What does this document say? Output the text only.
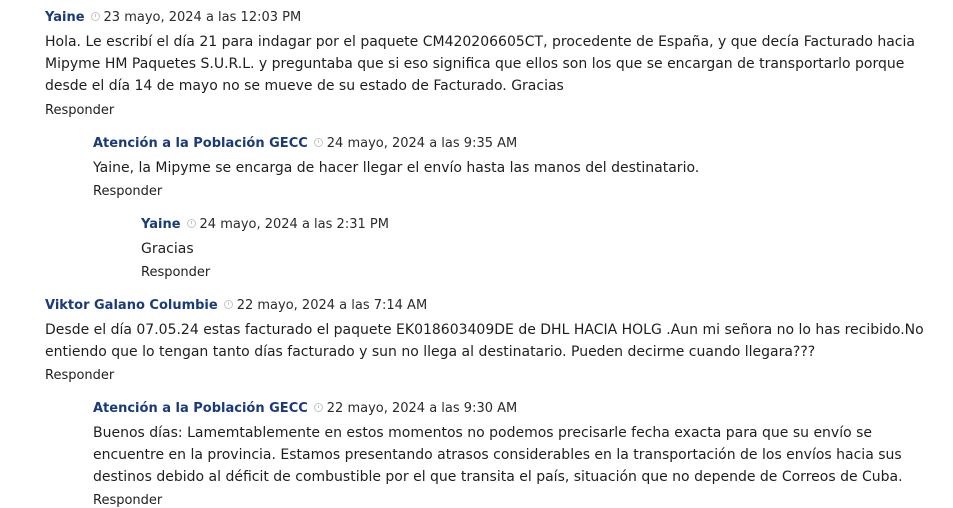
Yaine 23 mayo, 2024 a las 12:03 PM
Hola. Le escribí el día 21 para indagar por el paquete CM420206605CT, procedente de España, y que decía Facturado hacia
Mipyme HM Paquetes S.U.R.L. y preguntaba que si eso significa que ellos son los que se encargan de transportarlo porque
desde el día 14 de mayo no se mueve de su estado de Facturado. Gracias
Responder
Atención a la Población GECC 24 mayo, 2024 a las 9:35 AM
Yaine, la Mipyme se encarga de hacer llegar el envío hasta las manos del destinatario.
Responder
Yaine 24 mayo, 2024 a las 2:31 PM
Gracias
Responder
Viktor Galano Columbie 22 mayo, 2024 a las 7:14 AM
Desde el día 07.05.24 estas facturado el paquete EK018603409DE de DHL HACIA HOLG .Aun mi señora no lo has recibido.No
entiendo que lo tengan tanto días facturado y sun no llega al destinatario. Pueden decirme cuando llegara???
Responder
Atención a la Población GECC 22 mayo, 2024 a las 9:30 AM
Buenos días: Lamemtablemente en estos momentos no podemos precisarle fecha exacta para que su envío se
encuentre en la provincia. Estamos presentando atrasos considerables en la transportación de los envíos hacia sus
destinos debido al déficit de combustible por el que transita el país, situación que no depende de Correos de Cuba.
Responder
